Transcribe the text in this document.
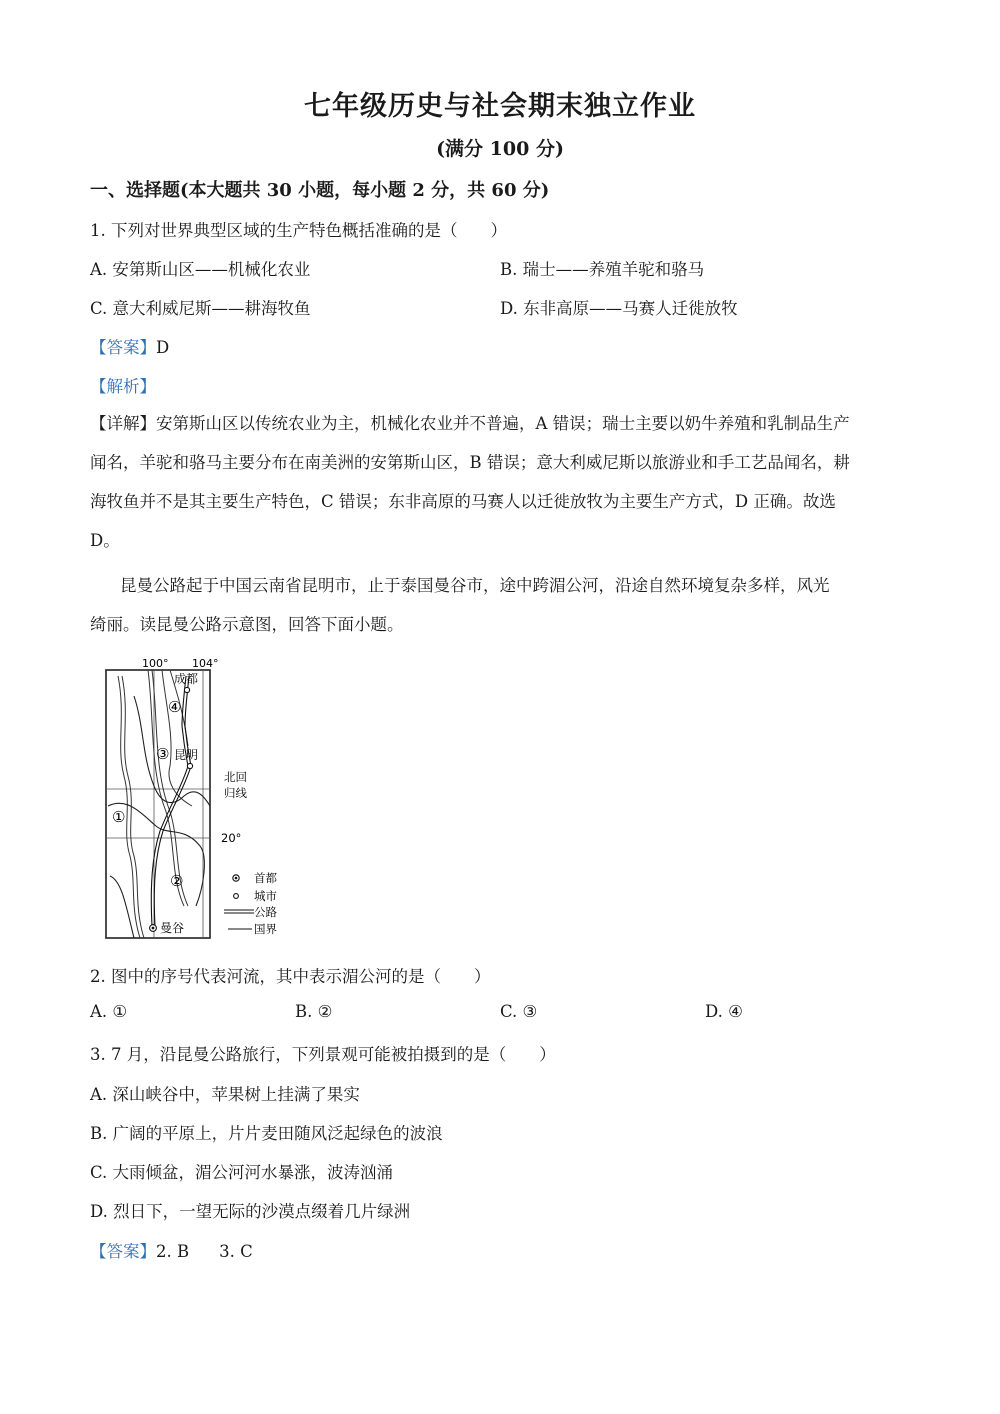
七年级历史与社会期末独立作业
(满分 100 分)
一、选择题(本大题共 30 小题，每小题 2 分，共 60 分)
1. 下列对世界典型区域的生产特色概括准确的是（　　）
A. 安第斯山区——机械化农业	B. 瑞士——养殖羊驼和骆马
C. 意大利威尼斯——耕海牧鱼	D. 东非高原——马赛人迁徙放牧
【答案】D
【解析】
【详解】安第斯山区以传统农业为主，机械化农业并不普遍，A 错误；瑞士主要以奶牛养殖和乳制品生产
闻名，羊驼和骆马主要分布在南美洲的安第斯山区，B 错误；意大利威尼斯以旅游业和手工艺品闻名，耕
海牧鱼并不是其主要生产特色，C 错误；东非高原的马赛人以迁徙放牧为主要生产方式，D 正确。故选
D。
昆曼公路起于中国云南省昆明市，止于泰国曼谷市，途中跨湄公河，沿途自然环境复杂多样，风光
绮丽。读昆曼公路示意图，回答下面小题。
100° 104°
成都
昆明
曼谷
北回
归线
20°
①
②
③
④
首都
城市
公路
国界
2. 图中的序号代表河流，其中表示湄公河的是（　　）
A. ①	B. ②	C. ③	D. ④
3. 7 月，沿昆曼公路旅行，下列景观可能被拍摄到的是（　　）
A. 深山峡谷中，苹果树上挂满了果实
B. 广阔的平原上，片片麦田随风泛起绿色的波浪
C. 大雨倾盆，湄公河河水暴涨，波涛汹涌
D. 烈日下，一望无际的沙漠点缀着几片绿洲
【答案】2. B 3. C
